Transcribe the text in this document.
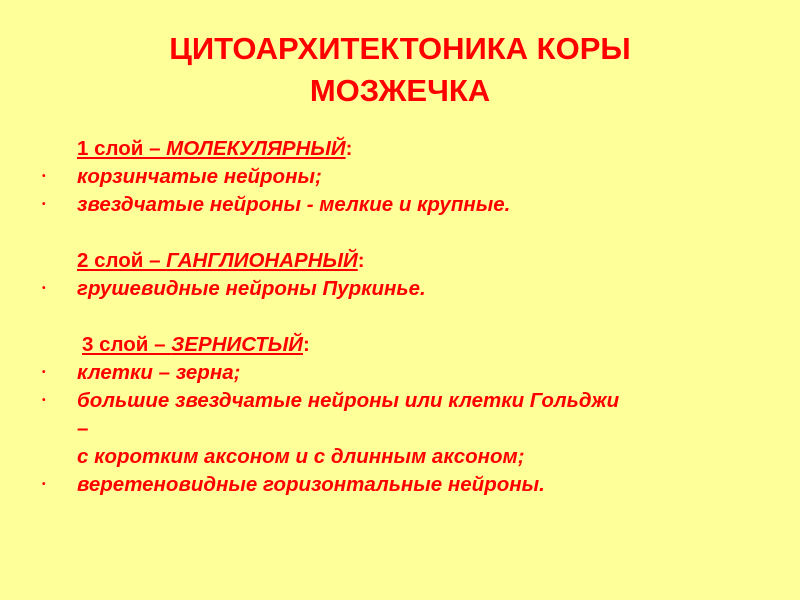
ЦИТОАРХИТЕКТОНИКА КОРЫ
МОЗЖЕЧКА
1 слой – МОЛЕКУЛЯРНЫЙ:
• корзинчатые нейроны;
• звездчатые нейроны - мелкие и крупные.
2 слой – ГАНГЛИОНАРНЫЙ:
• грушевидные нейроны Пуркинье.
3 слой – ЗЕРНИСТЫЙ:
• клетки – зерна;
• большие звездчатые нейроны или клетки Гольджи
–
с коротким аксоном и с длинным аксоном;
• веретеновидные горизонтальные нейроны.
